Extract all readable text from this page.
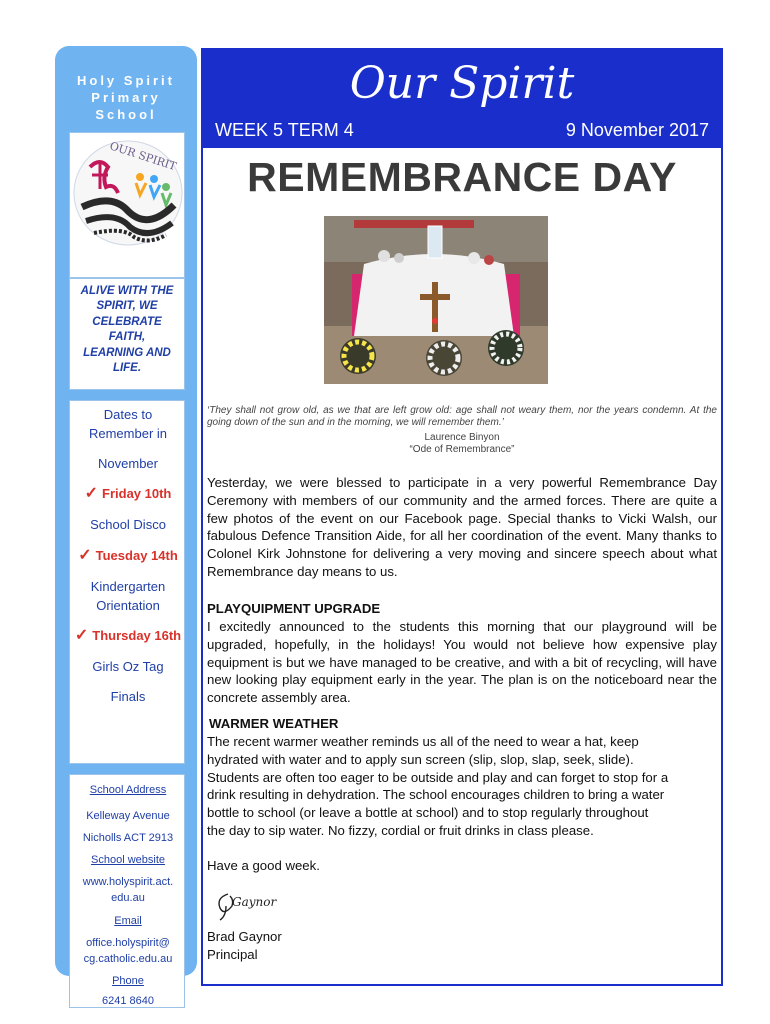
Holy Spirit
Primary
School
OUR SPIRIT
ALIVE WITH THE
SPIRIT, WE
CELEBRATE
FAITH,
LEARNING AND
LIFE.
Dates to
Remember in
November
✓ Friday 10th
School Disco
✓ Tuesday 14th
Kindergarten
Orientation
✓ Thursday 16th
Girls Oz Tag
Finals
School Address
Kelleway Avenue
Nicholls ACT 2913
School website
www.holyspirit.act.
edu.au
Email
office.holyspirit@
cg.catholic.edu.au
Phone
6241 8640
Our Spirit
WEEK 5 TERM 4	9 November 2017
REMEMBRANCE DAY
‘They shall not grow old, as we that are left grow old: age shall not weary them, nor the years condemn. At the going down of the sun and in the morning, we will remember them.’
Laurence Binyon
“Ode of Remembrance”
Yesterday, we were blessed to participate in a very powerful Remembrance Day Ceremony with members of our community and the armed forces. There are quite a few photos of the event on our Facebook page. Special thanks to Vicki Walsh, our fabulous Defence Transition Aide, for all her coordination of the event. Many thanks to Colonel Kirk Johnstone for delivering a very moving and sincere speech about what Remembrance day means to us.
PLAYQUIPMENT UPGRADE
I excitedly announced to the students this morning that our playground will be upgraded, hopefully, in the holidays! You would not believe how expensive play equipment is but we have managed to be creative, and with a bit of recycling, will have new looking play equipment early in the year. The plan is on the noticeboard near the concrete assembly area.
WARMER WEATHER
The recent warmer weather reminds us all of the need to wear a hat, keep
hydrated with water and to apply sun screen (slip, slop, slap, seek, slide).
Students are often too eager to be outside and play and can forget to stop for a
drink resulting in dehydration. The school encourages children to bring a water
bottle to school (or leave a bottle at school) and to stop regularly throughout
the day to sip water. No fizzy, cordial or fruit drinks in class please.
Have a good week.
Gaynor
Brad Gaynor
Principal
